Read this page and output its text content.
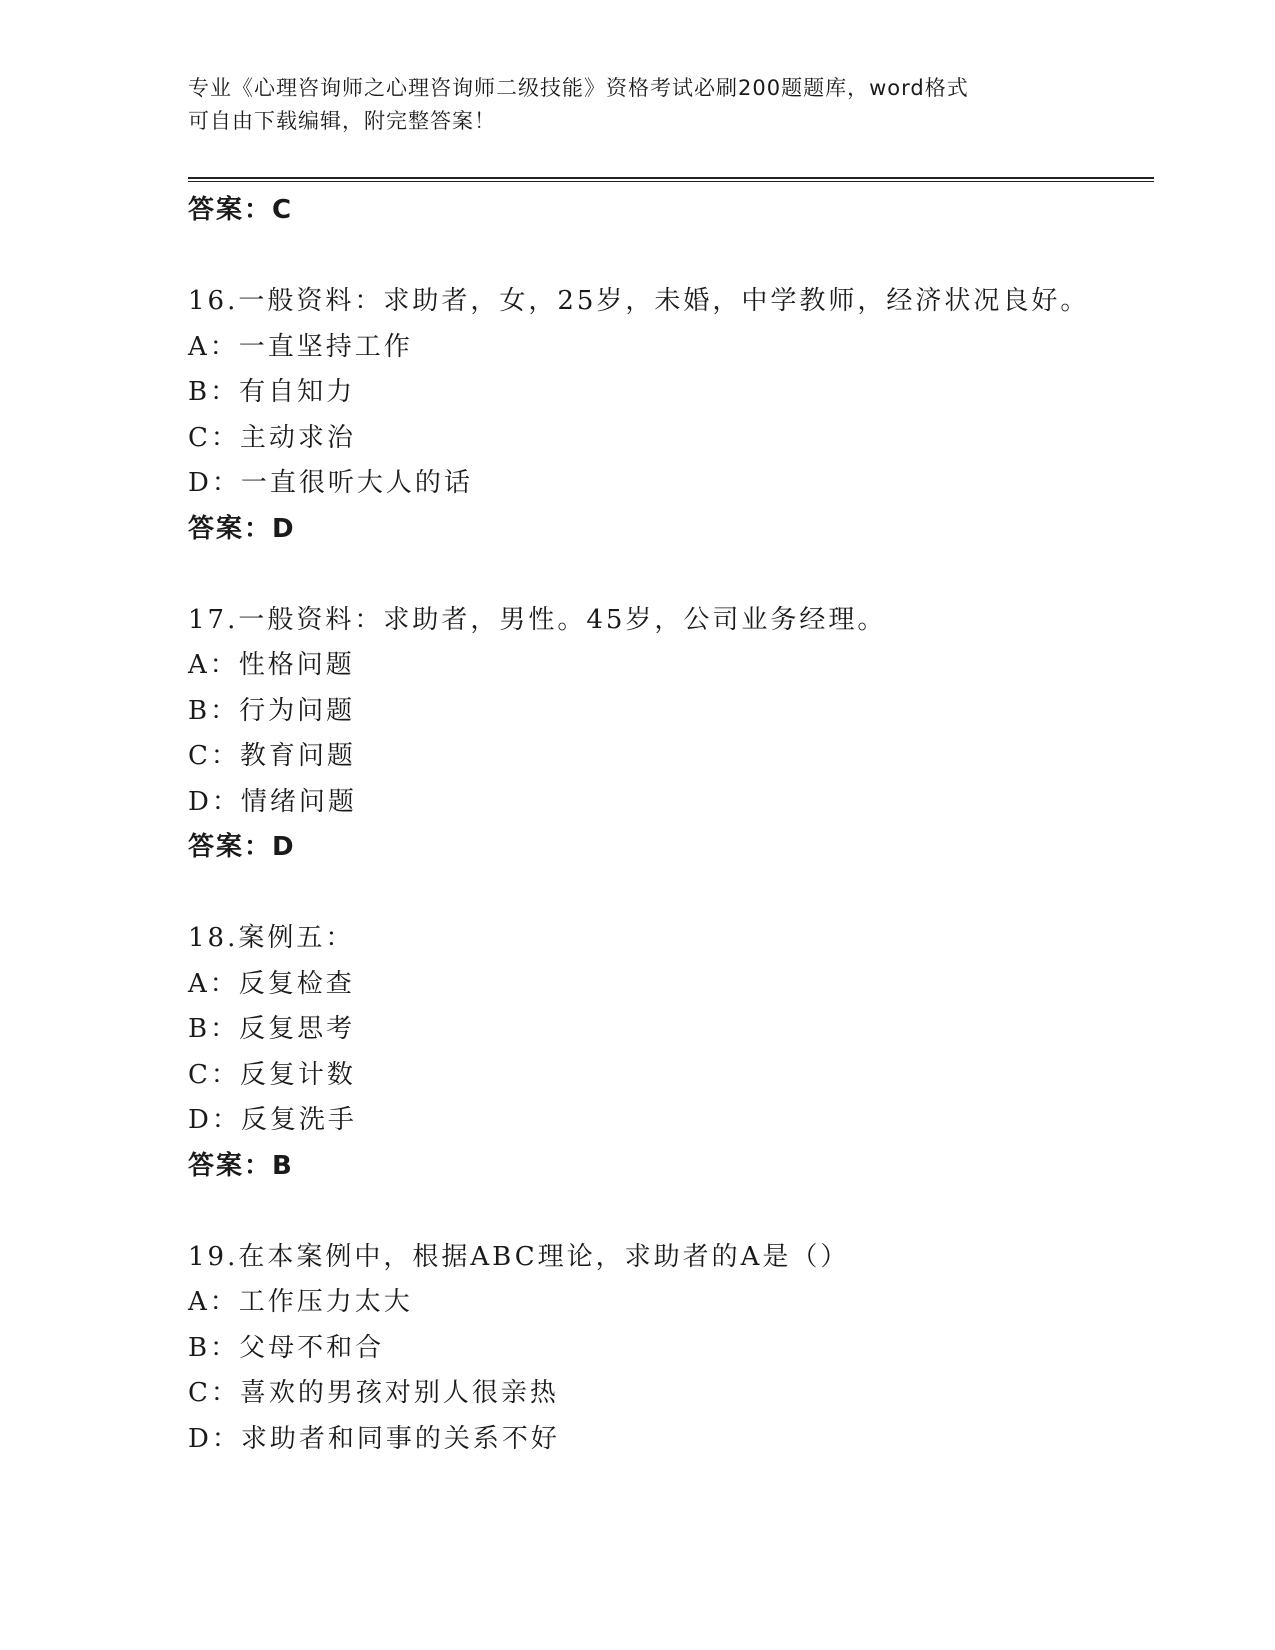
专业《心理咨询师之心理咨询师二级技能》资格考试必刷200题题库，word格式
可自由下载编辑，附完整答案！
答案：C
16.一般资料：求助者，女，25岁，未婚，中学教师，经济状况良好。
A：一直坚持工作
B：有自知力
C：主动求治
D：一直很听大人的话
答案：D
17.一般资料：求助者，男性。45岁，公司业务经理。
A：性格问题
B：行为问题
C：教育问题
D：情绪问题
答案：D
18.案例五：
A：反复检查
B：反复思考
C：反复计数
D：反复洗手
答案：B
19.在本案例中，根据ABC理论，求助者的A是（）
A：工作压力太大
B：父母不和合
C：喜欢的男孩对别人很亲热
D：求助者和同事的关系不好
